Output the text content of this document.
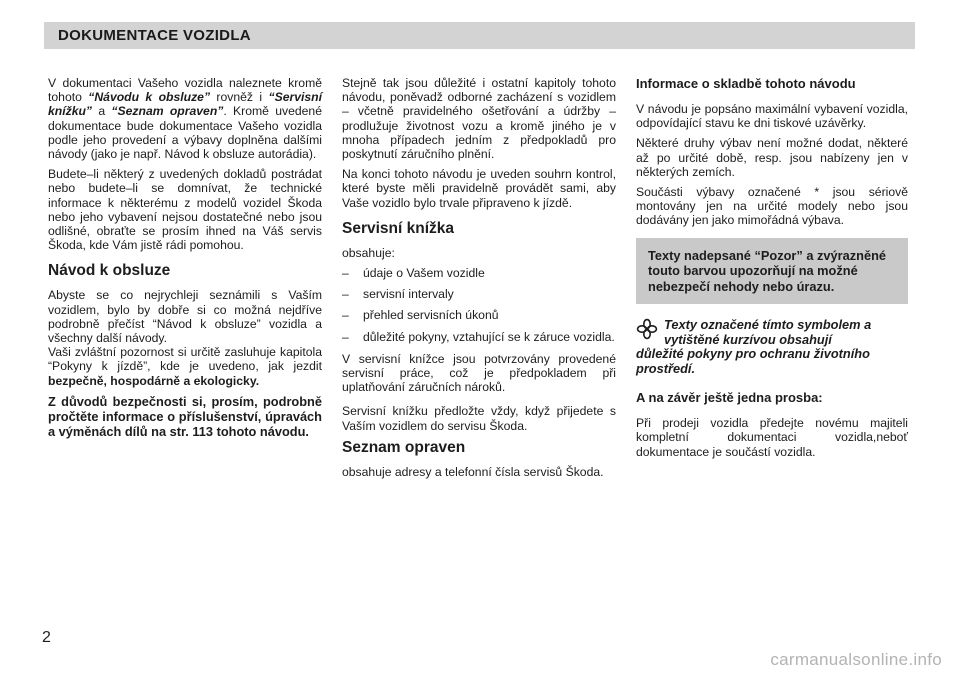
DOKUMENTACE VOZIDLA

V dokumentaci Vašeho vozidla naleznete kromě tohoto “Návodu k obsluze” rovněž i “Servisní knížku” a “Seznam opraven”. Kromě uvedené dokumentace bude dokumentace Vašeho vozidla podle jeho provedení a výbavy doplněna dalšími návody (jako je např. Návod k obsluze autorádia).

Budete–li některý z uvedených dokladů postrádat nebo budete–li se domnívat, že technické informace k některému z modelů vozidel Škoda nebo jeho vybavení nejsou dostatečné nebo jsou odlišné, obraťte se prosím ihned na Váš servis Škoda, kde Vám jistě rádi pomohou.

Návod k obsluze

Abyste se co nejrychleji seznámili s Vaším vozidlem, bylo by dobře si co možná nejdříve podrobně přečíst “Návod k obsluze” vozidla a všechny další návody.

Vaši zvláštní pozornost si určitě zasluhuje kapitola “Pokyny k jízdě”, kde je uvedeno, jak jezdit bezpečně, hospodárně a ekologicky.

Z důvodů bezpečnosti si, prosím, podrobně pročtěte informace o příslušenství, úpravách a výměnách dílů na str. 113 tohoto návodu.

Stejně tak jsou důležité i ostatní kapitoly tohoto návodu, poněvadž odborné zacházení s vozidlem – včetně pravidelného ošetřování a údržby – prodlužuje životnost vozu a kromě jiného je v mnoha případech jedním z předpokladů pro poskytnutí záručního plnění.

Na konci tohoto návodu je uveden souhrn kontrol, které byste měli pravidelně provádět sami, aby Vaše vozidlo bylo trvale připraveno k jízdě.

Servisní knížka

obsahuje:

– údaje o Vašem vozidle
– servisní intervaly
– přehled servisních úkonů
– důležité pokyny, vztahující se k záruce vozidla.

V servisní knížce jsou potvrzovány provedené servisní práce, což je předpokladem při uplatňování záručních nároků.

Servisní knížku předložte vždy, když přijedete s Vaším vozidlem do servisu Škoda.

Seznam opraven

obsahuje adresy a telefonní čísla servisů Škoda.

Informace o skladbě tohoto návodu

V návodu je popsáno maximální vybavení vozidla, odpovídající stavu ke dni tiskové uzávěrky.

Některé druhy výbav není možné dodat, některé až po určité době, resp. jsou nabízeny jen v některých zemích.

Součásti výbavy označené * jsou sériově montovány jen na určité modely nebo jsou dodávány jen jako mimořádná výbava.

Texty nadepsané “Pozor” a zvýrazněné touto barvou upozorňují na možné nebezpečí nehody nebo úrazu.
Texty označené tímto symbolem a vytištěné kurzívou obsahují
důležité pokyny pro ochranu životního prostředí.
A na závěr ještě jedna prosba:

Při prodeji vozidla předejte novému majiteli kompletní dokumentaci vozidla,neboť dokumentace je součástí vozidla.

2
carmanualsonline.info
